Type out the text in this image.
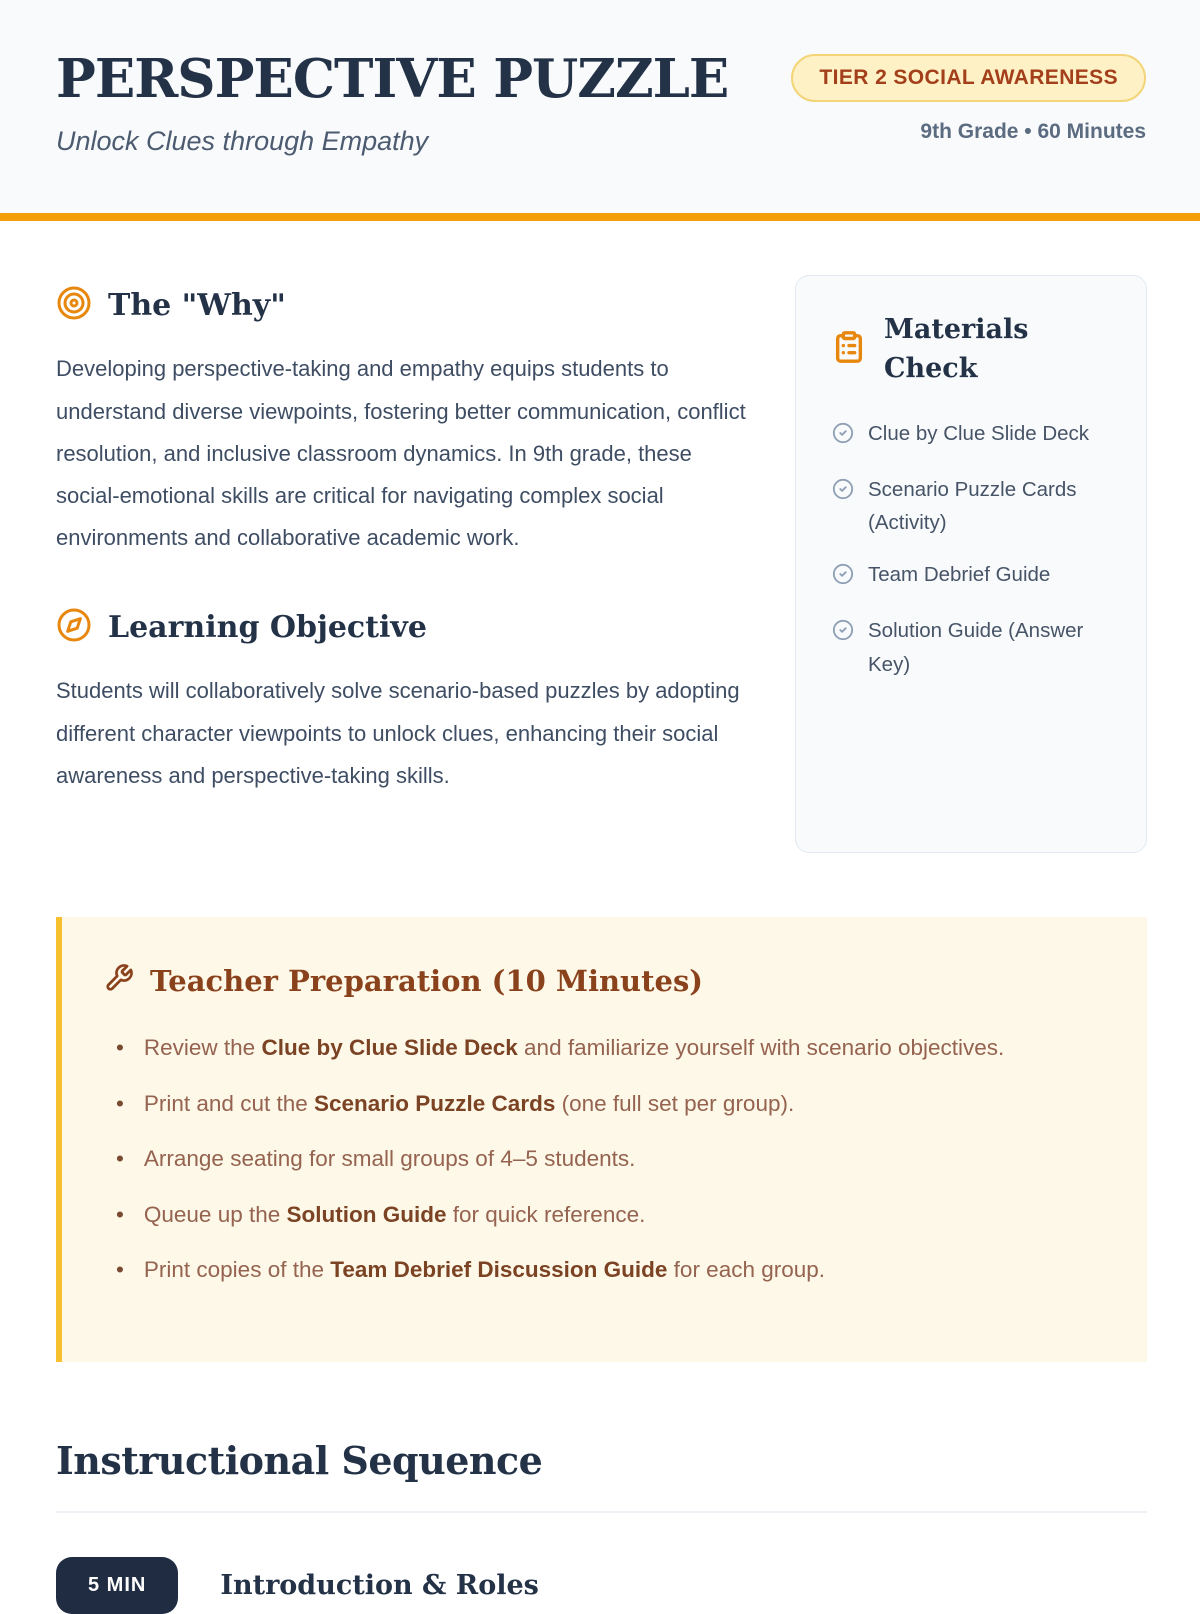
PERSPECTIVE PUZZLE
Unlock Clues through Empathy
TIER 2 SOCIAL AWARENESS
9th Grade • 60 Minutes
The "Why"

Developing perspective-taking and empathy equips students to understand diverse viewpoints, fostering better communication, conflict resolution, and inclusive classroom dynamics. In 9th grade, these social-emotional skills are critical for navigating complex social environments and collaborative academic work.

Learning Objective

Students will collaboratively solve scenario-based puzzles by adopting different character viewpoints to unlock clues, enhancing their social awareness and perspective-taking skills.

Materials Check
Clue by Clue Slide Deck
Scenario Puzzle Cards (Activity)
Team Debrief Guide
Solution Guide (Answer Key)
Teacher Preparation (10 Minutes)
• Review the Clue by Clue Slide Deck and familiarize yourself with scenario objectives.
• Print and cut the Scenario Puzzle Cards (one full set per group).
• Arrange seating for small groups of 4–5 students.
• Queue up the Solution Guide for quick reference.
• Print copies of the Team Debrief Discussion Guide for each group.
Instructional Sequence
5 MIN	Introduction & Roles
